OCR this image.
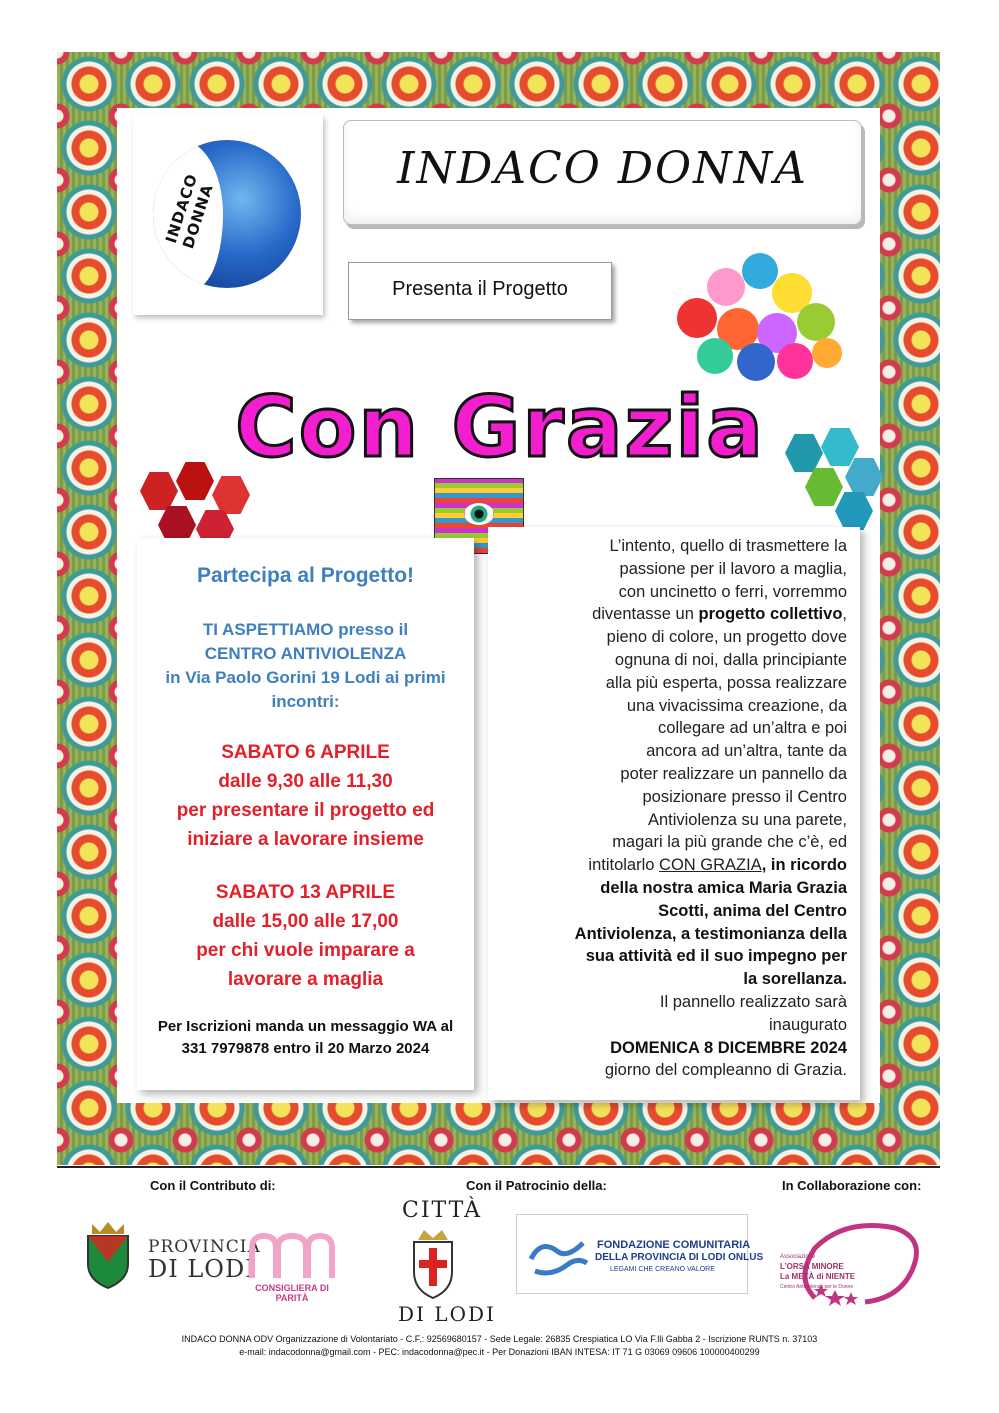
INDACO DONNA
INDACO DONNA
Presenta il Progetto
Con Grazia
Partecipa al Progetto!
TI ASPETTIAMO presso il
CENTRO ANTIVIOLENZA
in Via Paolo Gorini 19 Lodi ai primi
incontri:
SABATO 6 APRILE
dalle 9,30 alle 11,30
per presentare il progetto ed
iniziare a lavorare insieme
SABATO 13 APRILE
dalle 15,00 alle 17,00
per chi vuole imparare a
lavorare a maglia
Per Iscrizioni manda un messaggio WA al
331 7979878 entro il 20 Marzo 2024
L’intento, quello di trasmettere la
passione per il lavoro a maglia,
con uncinetto o ferri, vorremmo
diventasse un progetto collettivo,
pieno di colore, un progetto dove
ognuna di noi, dalla principiante
alla più esperta, possa realizzare
una vivacissima creazione, da
collegare ad un’altra e poi
ancora ad un’altra, tante da
poter realizzare un pannello da
posizionare presso il Centro
Antiviolenza su una parete,
magari la più grande che c’è, ed
intitolarlo CON GRAZIA, in ricordo
della nostra amica Maria Grazia
Scotti, anima del Centro
Antiviolenza, a testimonianza della
sua attività ed il suo impegno per
la sorellanza.
Il pannello realizzato sarà
inaugurato
DOMENICA 8 DICEMBRE 2024
giorno del compleanno di Grazia.
Con il Contributo di:	Con il Patrocinio della:	In Collaborazione con:
PROVINCIA
DI LODI
CONSIGLIERA DI PARITÀ
CITTÀ
DI LODI
FONDAZIONE COMUNITARIA
DELLA PROVINCIA DI LODI ONLUS
LEGAMI CHE CREANO VALORE
Associazione
L’ORSA MINORE
La METÀ di NIENTE
Centro Antiviolenza per le Donne
INDACO DONNA ODV Organizzazione di Volontariato - C.F.: 92569680157 - Sede Legale: 26835 Crespiatica LO Via F.lli Gabba 2 - Iscrizione RUNTS n. 37103
e-mail: indacodonna@gmail.com - PEC: indacodonna@pec.it - Per Donazioni IBAN INTESA: IT 71 G 03069 09606 100000400299
